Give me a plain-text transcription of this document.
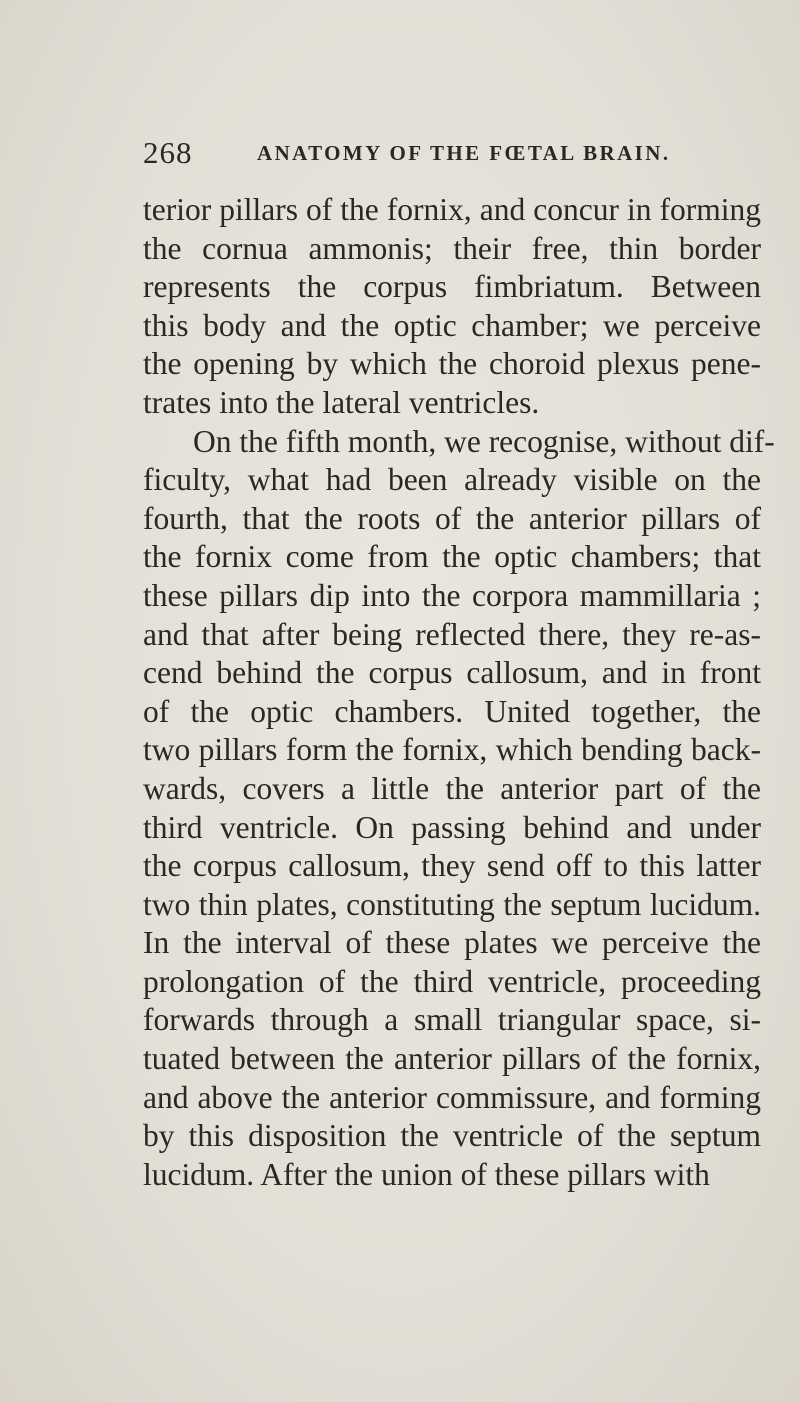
268	ANATOMY OF THE FŒTAL BRAIN.
terior pillars of the fornix, and concur in forming
the cornua ammonis; their free, thin border
represents the corpus fimbriatum. Between
this body and the optic chamber; we perceive
the opening by which the choroid plexus pene-
trates into the lateral ventricles.
On the fifth month, we recognise, without dif-
ficulty, what had been already visible on the
fourth, that the roots of the anterior pillars of
the fornix come from the optic chambers; that
these pillars dip into the corpora mammillaria ;
and that after being reflected there, they re-as-
cend behind the corpus callosum, and in front
of the optic chambers. United together, the
two pillars form the fornix, which bending back-
wards, covers a little the anterior part of the
third ventricle. On passing behind and under
the corpus callosum, they send off to this latter
two thin plates, constituting the septum lucidum.
In the interval of these plates we perceive the
prolongation of the third ventricle, proceeding
forwards through a small triangular space, si-
tuated between the anterior pillars of the fornix,
and above the anterior commissure, and forming
by this disposition the ventricle of the septum
lucidum. After the union of these pillars with
